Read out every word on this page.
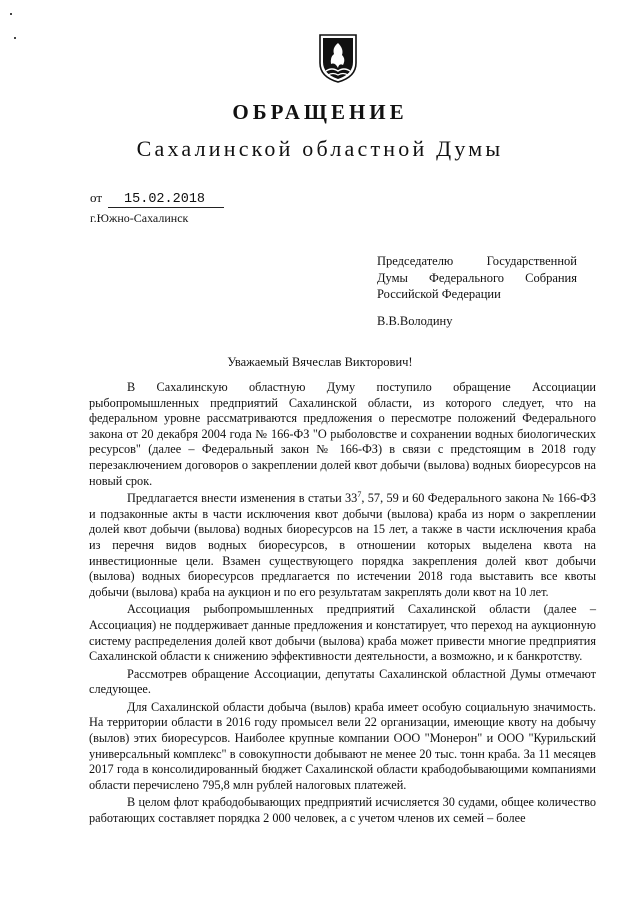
ОБРАЩЕНИЕ
Сахалинской областной Думы
от 15.02.2018
г.Южно-Сахалинск
Председателю Государственной
Думы Федерального Собрания
Российской Федерации
В.В.Володину
Уважаемый Вячеслав Викторович!

В Сахалинскую областную Думу поступило обращение Ассоциации рыбопромышленных предприятий Сахалинской области, из которого следует, что на федеральном уровне рассматриваются предложения о пересмотре положений Федерального закона от 20 декабря 2004 года № 166-ФЗ "О рыболовстве и сохранении водных биологических ресурсов" (далее – Федеральный закон № 166-ФЗ) в связи с предстоящим в 2018 году перезаключением договоров о закреплении долей квот добычи (вылова) водных биоресурсов на новый срок.

Предлагается внести изменения в статьи $33^7$, 57, 59 и 60 Федерального закона № 166-ФЗ и подзаконные акты в части исключения квот добычи (вылова) краба из норм о закреплении долей квот добычи (вылова) водных биоресурсов на 15 лет, а также в части исключения краба из перечня видов водных биоресурсов, в отношении которых выделена квота на инвестиционные цели. Взамен существующего порядка закрепления долей квот добычи (вылова) водных биоресурсов предлагается по истечении 2018 года выставить все квоты добычи (вылова) краба на аукцион и по его результатам закреплять доли квот на 10 лет.

Ассоциация рыбопромышленных предприятий Сахалинской области (далее – Ассоциация) не поддерживает данные предложения и констатирует, что переход на аукционную систему распределения долей квот добычи (вылова) краба может привести многие предприятия Сахалинской области к снижению эффективности деятельности, а возможно, и к банкротству.

Рассмотрев обращение Ассоциации, депутаты Сахалинской областной Думы отмечают следующее.

Для Сахалинской области добыча (вылов) краба имеет особую социальную значимость. На территории области в 2016 году промысел вели 22 организации, имеющие квоту на добычу (вылов) этих биоресурсов. Наиболее крупные компании ООО "Монерон" и ООО "Курильский универсальный комплекс" в совокупности добывают не менее 20 тыс. тонн краба. За 11 месяцев 2017 года в консолидированный бюджет Сахалинской области крабодобывающими компаниями области перечислено 795,8 млн рублей налоговых платежей.

В целом флот крабодобывающих предприятий исчисляется 30 судами, общее количество работающих составляет порядка 2 000 человек, а с учетом членов их семей – более
